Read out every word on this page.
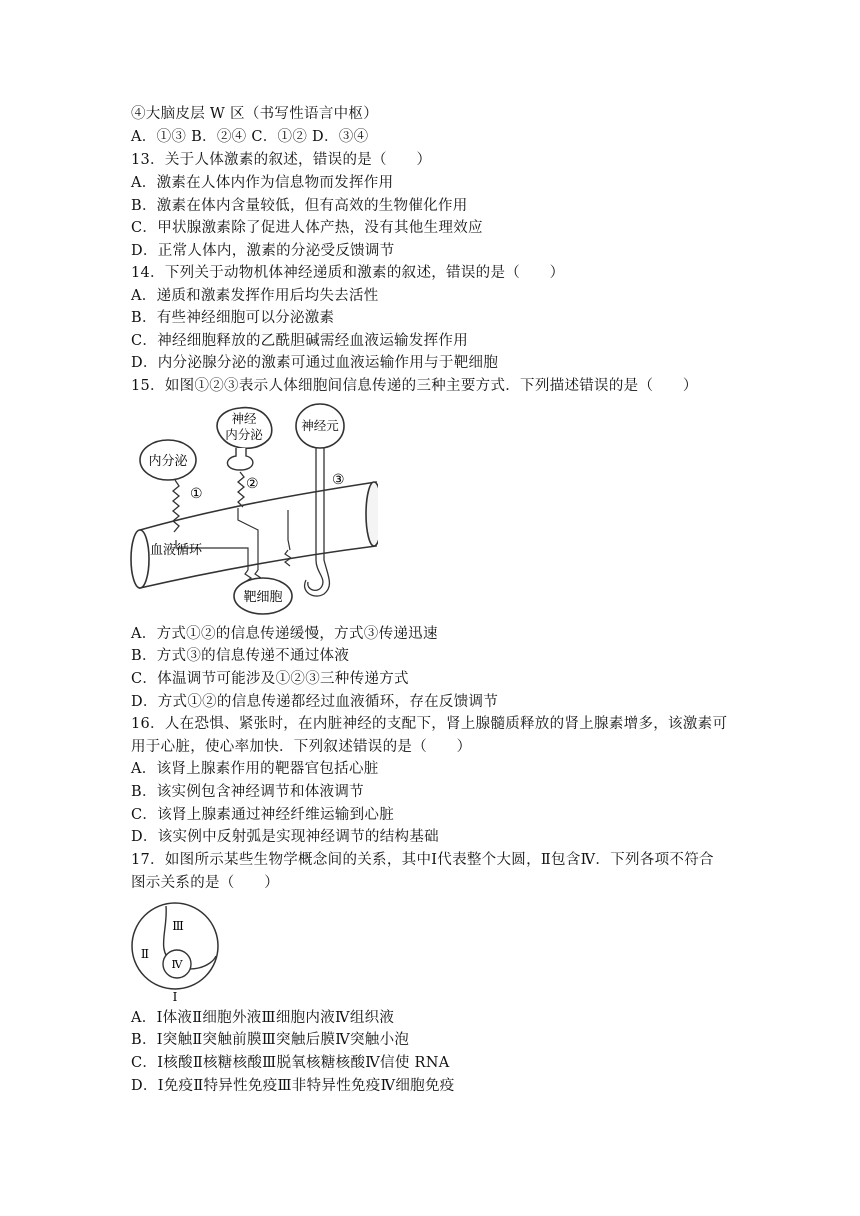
④大脑皮层 W 区（书写性语言中枢）
A．①③ B．②④ C．①② D．③④
13．关于人体激素的叙述，错误的是（　　）
A．激素在人体内作为信息物而发挥作用
B．激素在体内含量较低，但有高效的生物催化作用
C．甲状腺激素除了促进人体产热，没有其他生理效应
D．正常人体内，激素的分泌受反馈调节
14．下列关于动物机体神经递质和激素的叙述，错误的是（　　）
A．递质和激素发挥作用后均失去活性
B．有些神经细胞可以分泌激素
C．神经细胞释放的乙酰胆碱需经血液运输发挥作用
D．内分泌腺分泌的激素可通过血液运输作用与于靶细胞
15．如图①②③表示人体细胞间信息传递的三种主要方式．下列描述错误的是（　　）
内分泌
①
神经
内分泌
②
神经元
③
血液循环
靶细胞
A．方式①②的信息传递缓慢，方式③传递迅速
B．方式③的信息传递不通过体液
C．体温调节可能涉及①②③三种传递方式
D．方式①②的信息传递都经过血液循环，存在反馈调节
16．人在恐惧、紧张时，在内脏神经的支配下，肾上腺髓质释放的肾上腺素增多，该激素可
用于心脏，使心率加快．下列叙述错误的是（　　）
A．该肾上腺素作用的靶器官包括心脏
B．该实例包含神经调节和体液调节
C．该肾上腺素通过神经纤维运输到心脏
D．该实例中反射弧是实现神经调节的结构基础
17．如图所示某些生物学概念间的关系，其中Ⅰ代表整个大圆，Ⅱ包含Ⅳ．下列各项不符合
图示关系的是（　　）
Ⅲ
Ⅱ
Ⅳ
Ⅰ
A．Ⅰ体液Ⅱ细胞外液Ⅲ细胞内液Ⅳ组织液
B．Ⅰ突触Ⅱ突触前膜Ⅲ突触后膜Ⅳ突触小泡
C．Ⅰ核酸Ⅱ核糖核酸Ⅲ脱氧核糖核酸Ⅳ信使 RNA
D．Ⅰ免疫Ⅱ特异性免疫Ⅲ非特异性免疫Ⅳ细胞免疫
